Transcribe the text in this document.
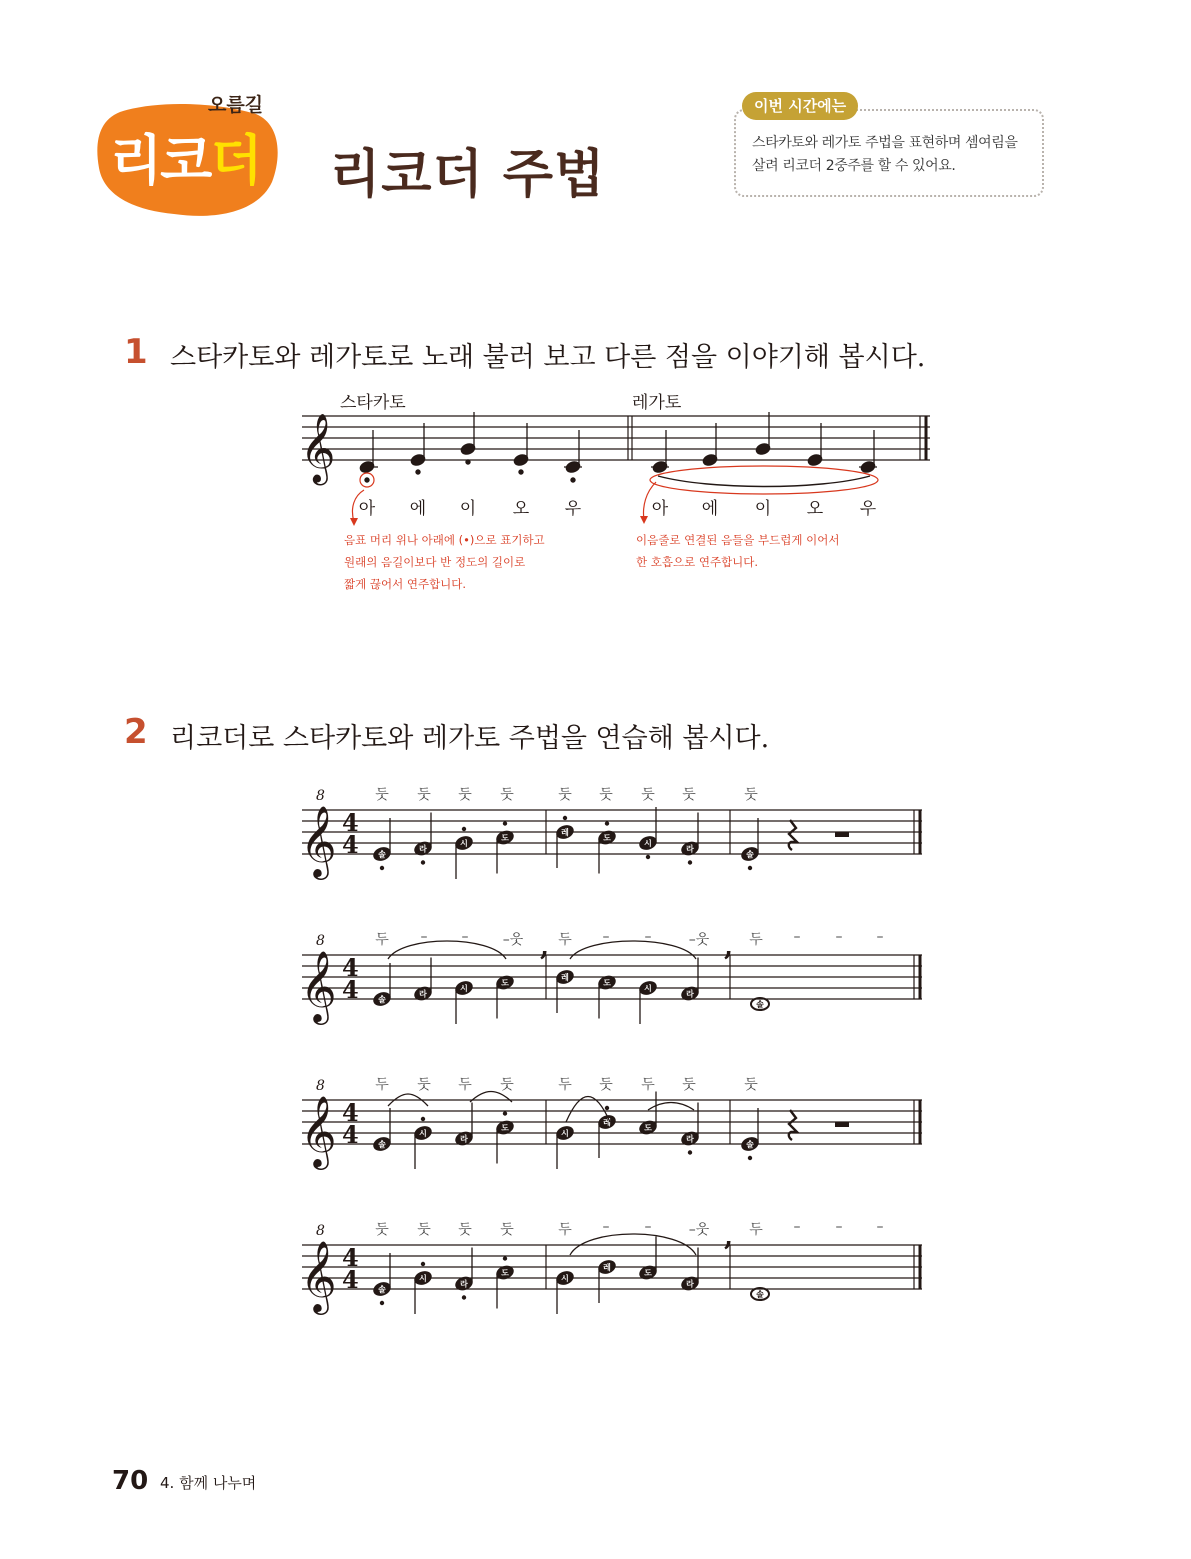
오름길
리코더 리코더 주법
이번 시간에는
스타카토와 레가토 주법을 표현하며 셈여림을 살려 리코더 2중주를 할 수 있어요.
1 스타카토와 레가토로 노래 불러 보고 다른 점을 이야기해 봅시다.
스타카토	레가토
𝄞
아	에	이	오	우	아	에	이	오	우
음표 머리 위나 아래에 (•)으로 표기하고
원래의 음길이보다 반 정도의 길이로
짧게 끊어서 연주합니다.
이음줄로 연결된 음들을 부드럽게 이어서
한 호흡으로 연주합니다.
2 리코더로 스타카토와 레가토 주법을 연습해 봅시다.
둣	둣	둣	둣	둣	둣	둣	둣	둣
두	–	–	–웃	두	–	–	–웃	두	–	–	–
두	둣	두	둣	두	둣	두	둣	둣
둣	둣	둣	둣	두	–	–	–웃	두	–	–	–
𝄞
8
4
4 솔
라
시
도
레
도
시
라
솔
𝄞
8
4
4 솔
라
시
도
레
도
시
라
솔
,	,
𝄞
8
4
4 솔
시
라
도
시
레
도
라
솔
𝄞
8
4
4 솔
시
라
도
시
레
도
라
솔
,
70 4. 함께 나누며
